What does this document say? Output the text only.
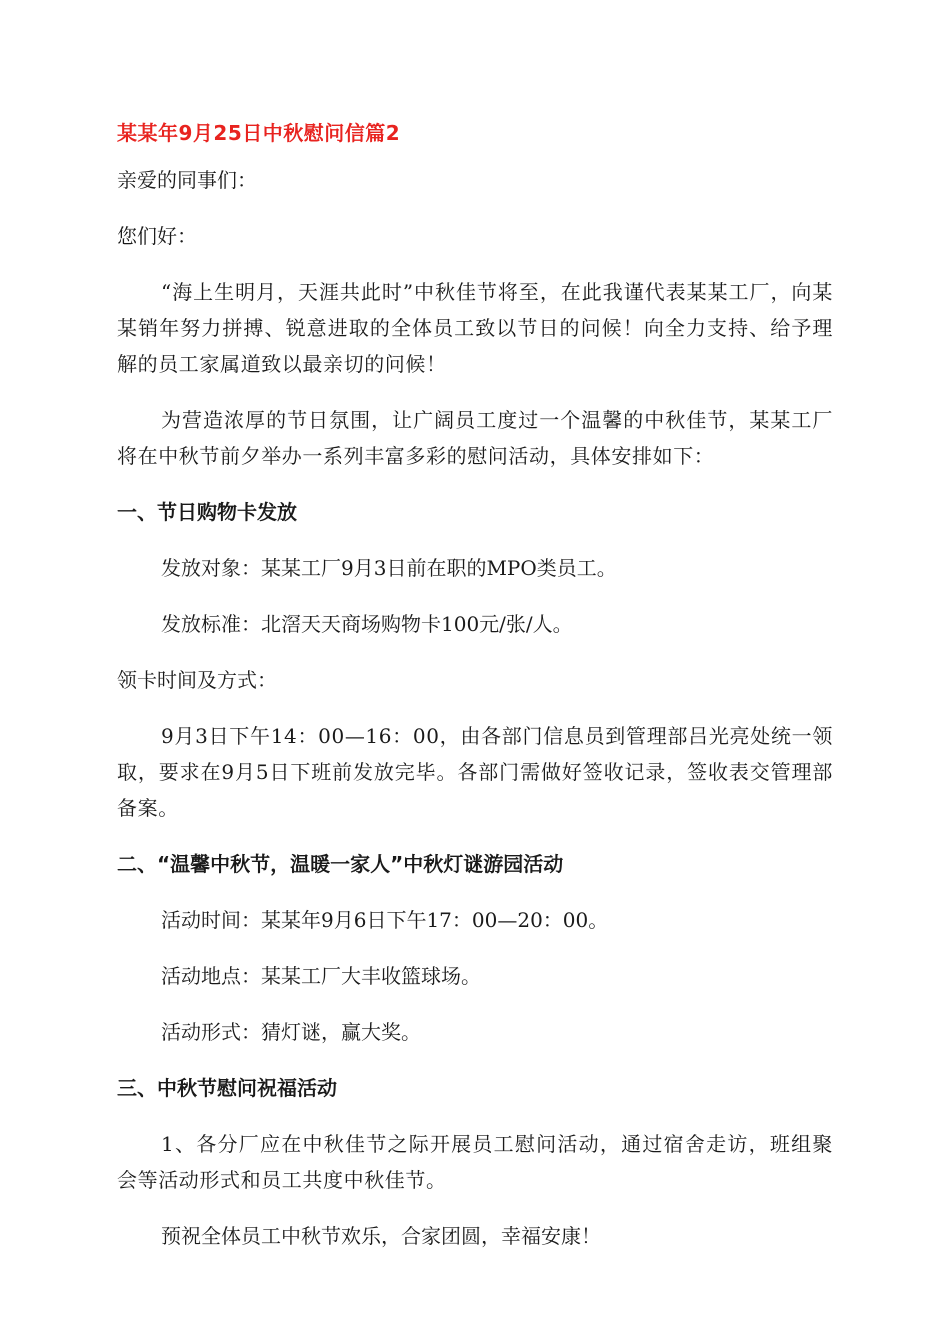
某某年9月25日中秋慰问信篇2

亲爱的同事们：

您们好：

“海上生明月，天涯共此时”中秋佳节将至，在此我谨代表某某工厂，向某某销年努力拼搏、锐意进取的全体员工致以节日的问候！向全力支持、给予理解的员工家属道致以最亲切的问候！

为营造浓厚的节日氛围，让广阔员工度过一个温馨的中秋佳节，某某工厂将在中秋节前夕举办一系列丰富多彩的慰问活动，具体安排如下：

一、节日购物卡发放

发放对象：某某工厂9月3日前在职的MPO类员工。

发放标准：北滘天天商场购物卡100元/张/人。

领卡时间及方式：

9月3日下午14：00—16：00，由各部门信息员到管理部吕光亮处统一领取，要求在9月5日下班前发放完毕。各部门需做好签收记录，签收表交管理部备案。

二、“温馨中秋节，温暖一家人”中秋灯谜游园活动

活动时间：某某年9月6日下午17：00—20：00。

活动地点：某某工厂大丰收篮球场。

活动形式：猜灯谜，赢大奖。

三、中秋节慰问祝福活动

1、各分厂应在中秋佳节之际开展员工慰问活动，通过宿舍走访，班组聚会等活动形式和员工共度中秋佳节。

预祝全体员工中秋节欢乐，合家团圆，幸福安康！
